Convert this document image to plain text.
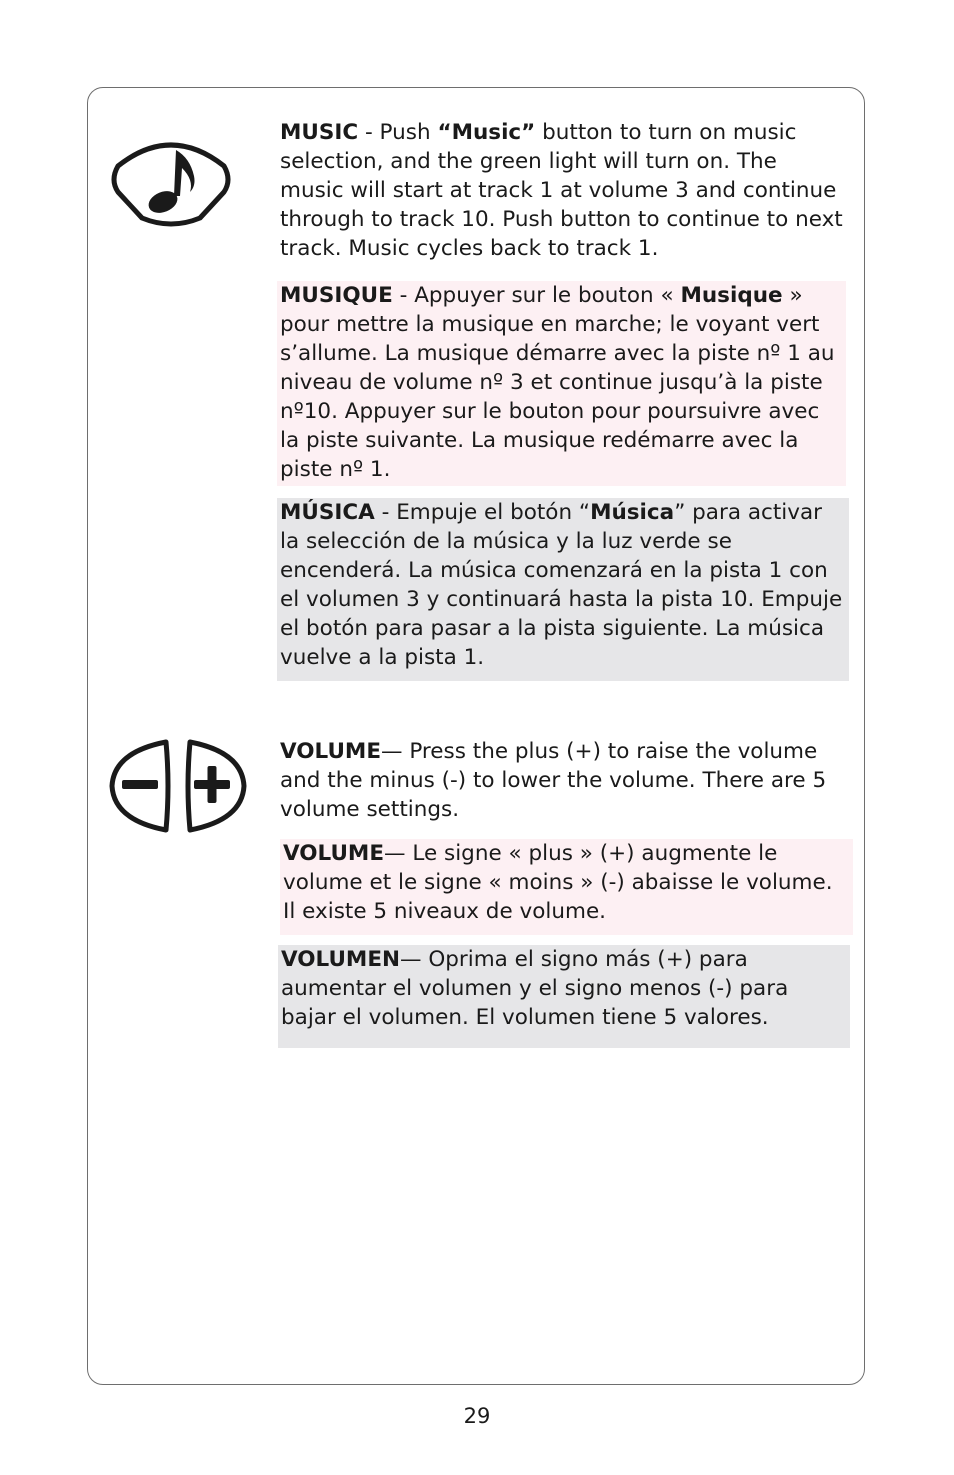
MUSIC - Push “Music” button to turn on music selection, and the green light will turn on. The music will start at track 1 at volume 3 and continue through to track 10. Push button to continue to next track. Music cycles back to track 1.
MUSIQUE - Appuyer sur le bouton « Musique » pour mettre la musique en marche; le voyant vert s’allume. La musique démarre avec la piste nº 1 au niveau de volume nº 3 et continue jusqu’à la piste nº10. Appuyer sur le bouton pour poursuivre avec la piste suivante. La musique redémarre avec la piste nº 1.
MÚSICA - Empuje el botón “Música” para activar la selección de la música y la luz verde se encenderá. La música comenzará en la pista 1 con el volumen 3 y continuará hasta la pista 10. Empuje el botón para pasar a la pista siguiente. La música vuelve a la pista 1.
VOLUME— Press the plus (+) to raise the volume and the minus (-) to lower the volume. There are 5 volume settings.
VOLUME— Le signe « plus » (+) augmente le volume et le signe « moins » (-) abaisse le volume. Il existe 5 niveaux de volume.
VOLUMEN— Oprima el signo más (+) para aumentar el volumen y el signo menos (-) para bajar el volumen. El volumen tiene 5 valores.
29
